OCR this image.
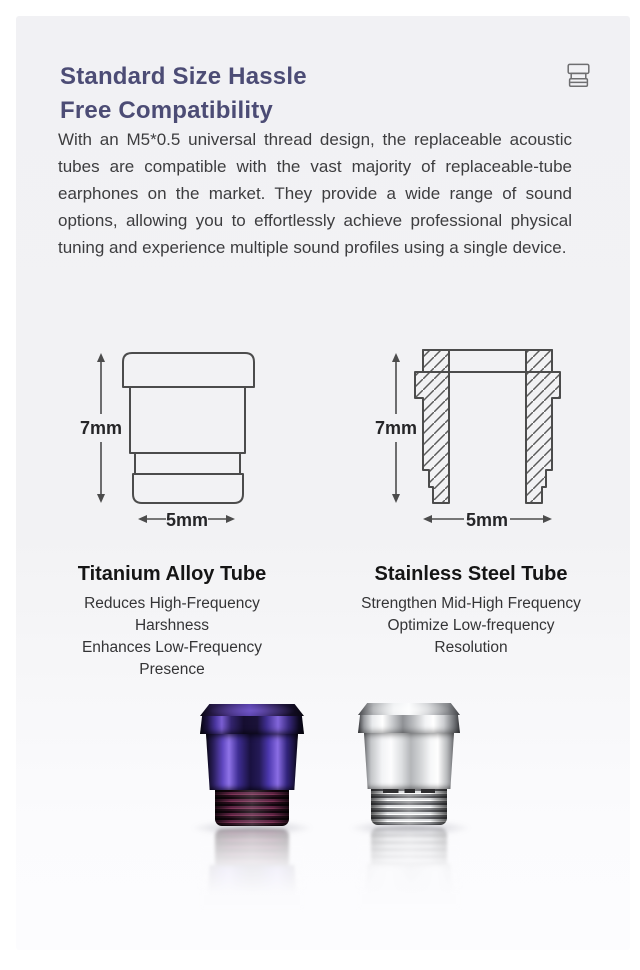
Standard Size Hassle
Free Compatibility

With an M5*0.5 universal thread design, the replaceable acoustic tubes are compatible with the vast majority of replaceable-tube earphones on the market. They provide a wide range of sound options, allowing you to effortlessly achieve professional physical tuning and experience multiple sound profiles using a single device.

7mm
5mm
7mm
5mm

Titanium Alloy Tube

Reduces High-Frequency Harshness

Enhances Low-Frequency Presence

Stainless Steel Tube

Strengthen Mid-High Frequency

Optimize Low-frequency Resolution
